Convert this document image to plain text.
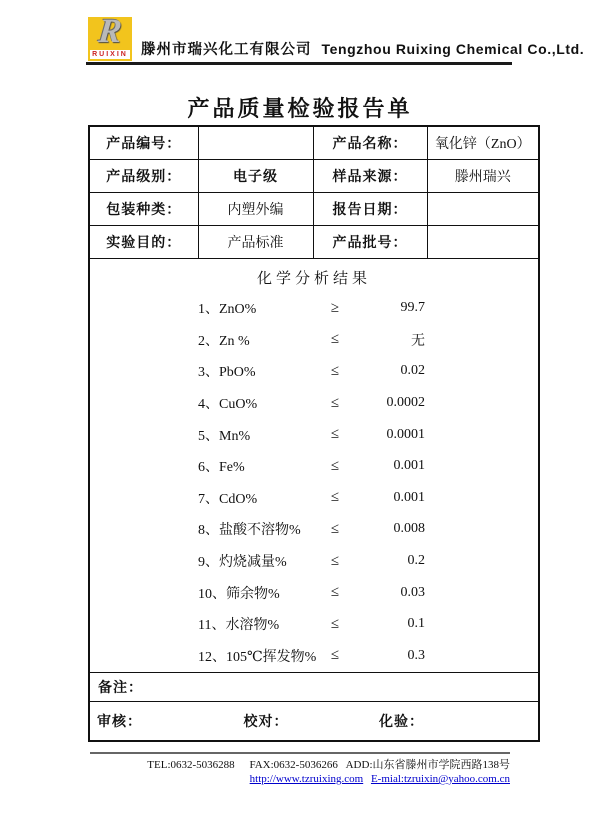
R
RUIXIN 滕州市瑞兴化工有限公司 Tengzhou Ruixing Chemical Co.,Ltd.
产品质量检验报告单
产品编号：		产品名称：	氧化锌（ZnO）
产品级别：	电子级	样品来源：	滕州瑞兴
包装种类：	内塑外编	报告日期：	
实验目的：	产品标准	产品批号：	

化学分析结果
1、ZnO%	≥	99.7
2、Zn %	≤	无
3、PbO%	≤	0.02
4、CuO%	≤	0.0002
5、Mn%	≤	0.0001
6、Fe%	≤	0.001
7、CdO%	≤	0.001
8、盐酸不溶物%	≤	0.008
9、灼烧减量%	≤	0.2
10、筛余物%	≤	0.03
11、水溶物%	≤	0.1
12、105℃挥发物% ≤	0.3

备注：			
审核： 校对： 化验：			
TEL:0632-5036288 FAX:0632-5036266 ADD:山东省滕州市学院西路138号
http://www.tzruixing.com E-mial:tzruixin@yahoo.com.cn
